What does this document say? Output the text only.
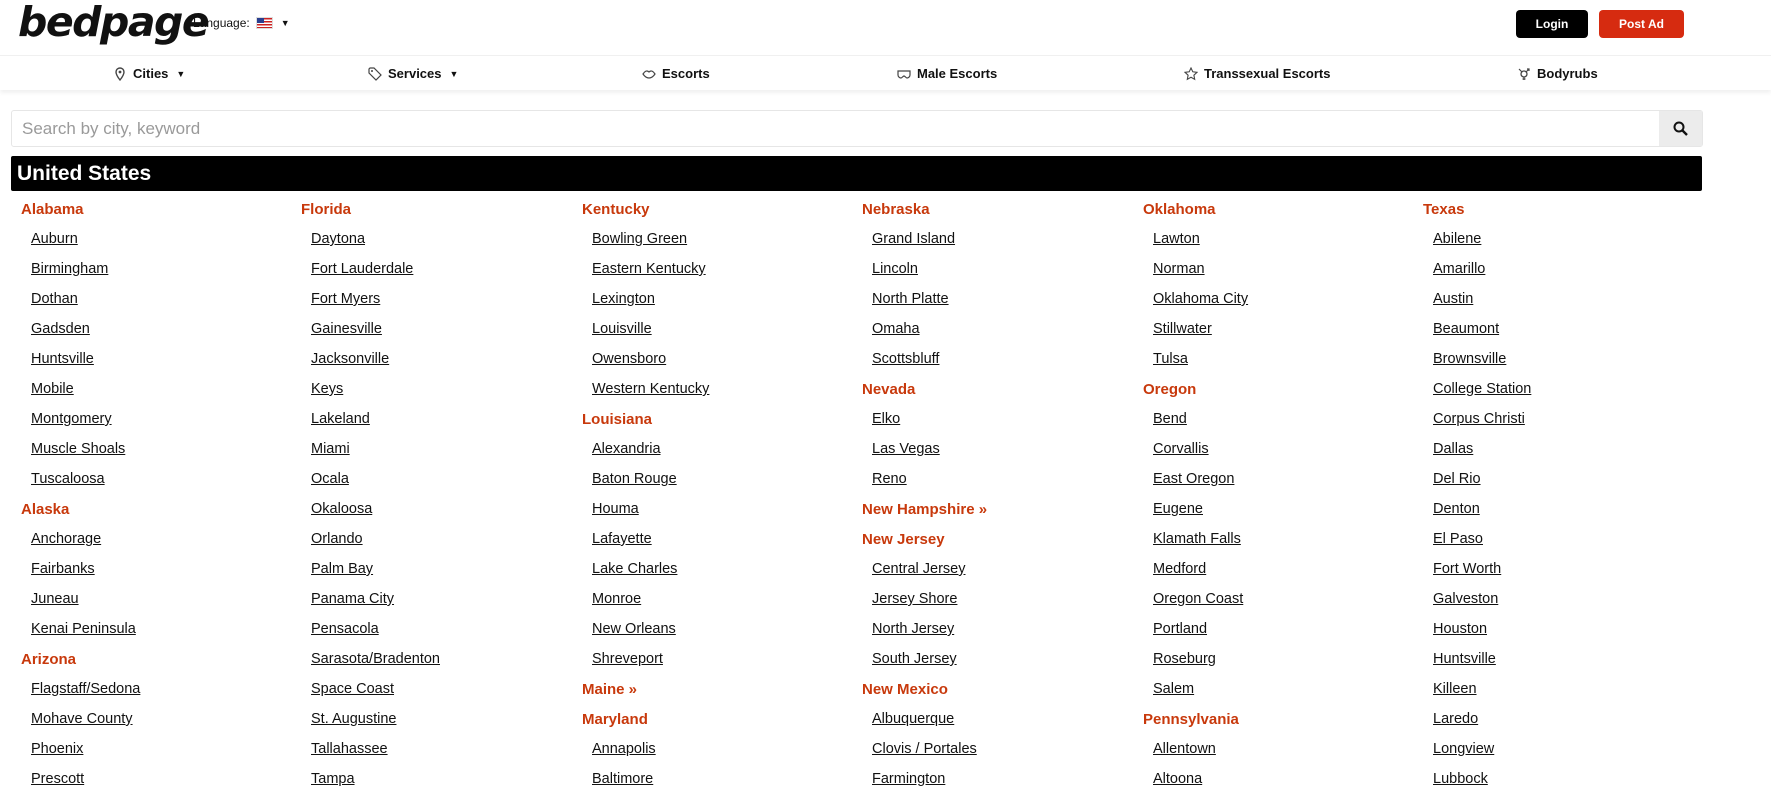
bedpage
Language:	▼	Login	Post Ad
Cities ▼	Services ▼	Escorts	Male Escorts	Transsexual Escorts	Bodyrubs
Search by city, keyword
United States
Alabama
Auburn
Birmingham
Dothan
Gadsden
Huntsville
Mobile
Montgomery
Muscle Shoals
Tuscaloosa
Alaska
Anchorage
Fairbanks
Juneau
Kenai Peninsula
Arizona
Flagstaff/Sedona
Mohave County
Phoenix
Prescott
Florida
Daytona
Fort Lauderdale
Fort Myers
Gainesville
Jacksonville
Keys
Lakeland
Miami
Ocala
Okaloosa
Orlando
Palm Bay
Panama City
Pensacola
Sarasota/Bradenton
Space Coast
St. Augustine
Tallahassee
Tampa
Kentucky
Bowling Green
Eastern Kentucky
Lexington
Louisville
Owensboro
Western Kentucky
Louisiana
Alexandria
Baton Rouge
Houma
Lafayette
Lake Charles
Monroe
New Orleans
Shreveport
Maine »
Maryland
Annapolis
Baltimore
Nebraska
Grand Island
Lincoln
North Platte
Omaha
Scottsbluff
Nevada
Elko
Las Vegas
Reno
New Hampshire »
New Jersey
Central Jersey
Jersey Shore
North Jersey
South Jersey
New Mexico
Albuquerque
Clovis / Portales
Farmington
Oklahoma
Lawton
Norman
Oklahoma City
Stillwater
Tulsa
Oregon
Bend
Corvallis
East Oregon
Eugene
Klamath Falls
Medford
Oregon Coast
Portland
Roseburg
Salem
Pennsylvania
Allentown
Altoona
Texas
Abilene
Amarillo
Austin
Beaumont
Brownsville
College Station
Corpus Christi
Dallas
Del Rio
Denton
El Paso
Fort Worth
Galveston
Houston
Huntsville
Killeen
Laredo
Longview
Lubbock
